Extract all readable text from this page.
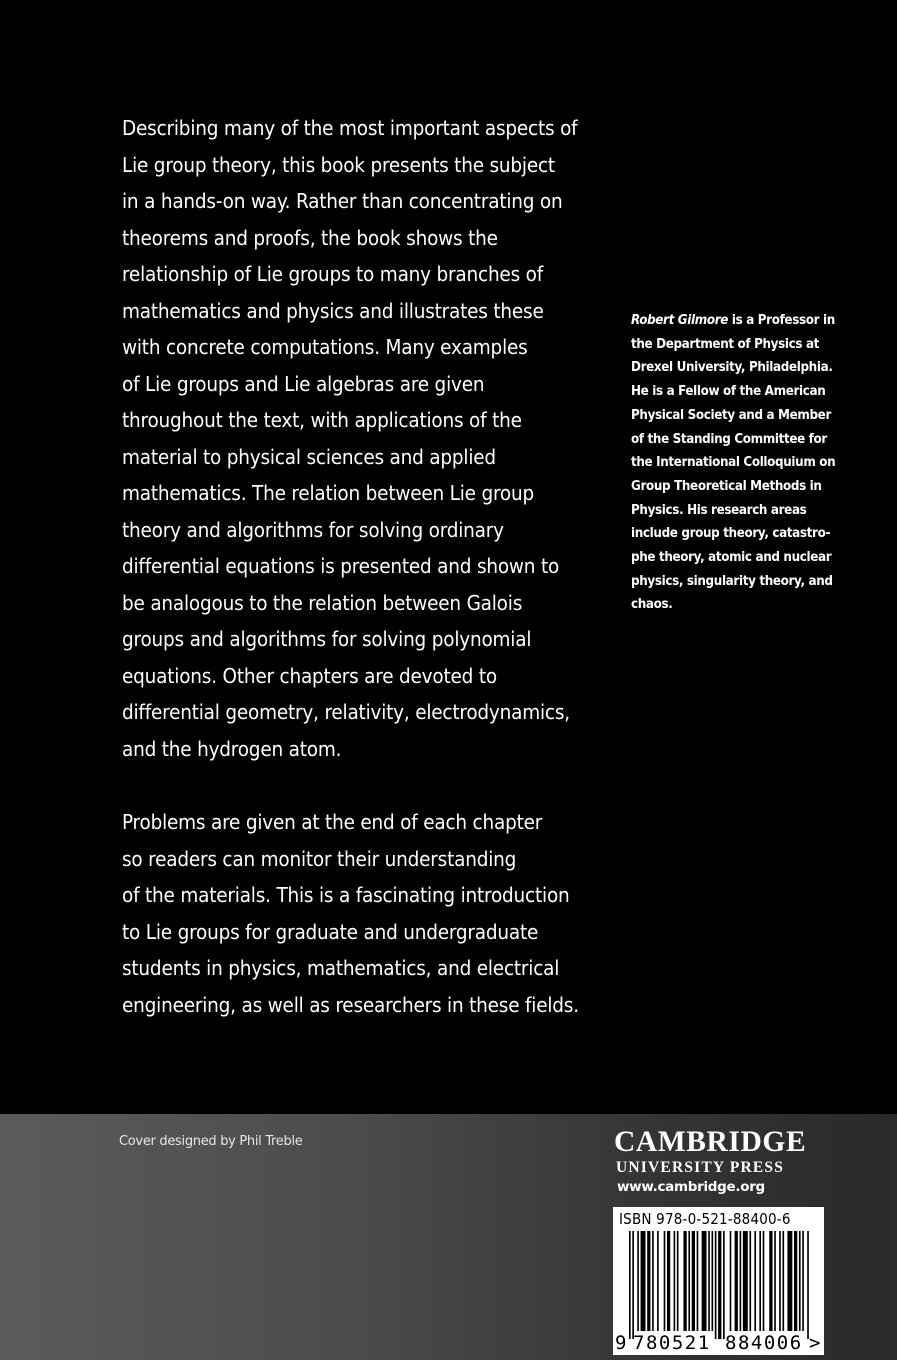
Describing many of the most important aspects of
Lie group theory, this book presents the subject
in a hands-on way. Rather than concentrating on
theorems and proofs, the book shows the
relationship of Lie groups to many branches of
mathematics and physics and illustrates these
with concrete computations. Many examples
of Lie groups and Lie algebras are given
throughout the text, with applications of the
material to physical sciences and applied
mathematics. The relation between Lie group
theory and algorithms for solving ordinary
differential equations is presented and shown to
be analogous to the relation between Galois
groups and algorithms for solving polynomial
equations. Other chapters are devoted to
differential geometry, relativity, electrodynamics,
and the hydrogen atom.

Problems are given at the end of each chapter
so readers can monitor their understanding
of the materials. This is a fascinating introduction
to Lie groups for graduate and undergraduate
students in physics, mathematics, and electrical
engineering, as well as researchers in these fields.

Robert Gilmore is a Professor in
the Department of Physics at
Drexel University, Philadelphia.
He is a Fellow of the American
Physical Society and a Member
of the Standing Committee for
the International Colloquium on
Group Theoretical Methods in
Physics. His research areas
include group theory, catastro-
phe theory, atomic and nuclear
physics, singularity theory, and
chaos.
Cover designed by Phil Treble	CAMBRIDGE
UNIVERSITY PRESS
www.cambridge.org
ISBN 978-0-521-88400-6
9 780521 884006 >
